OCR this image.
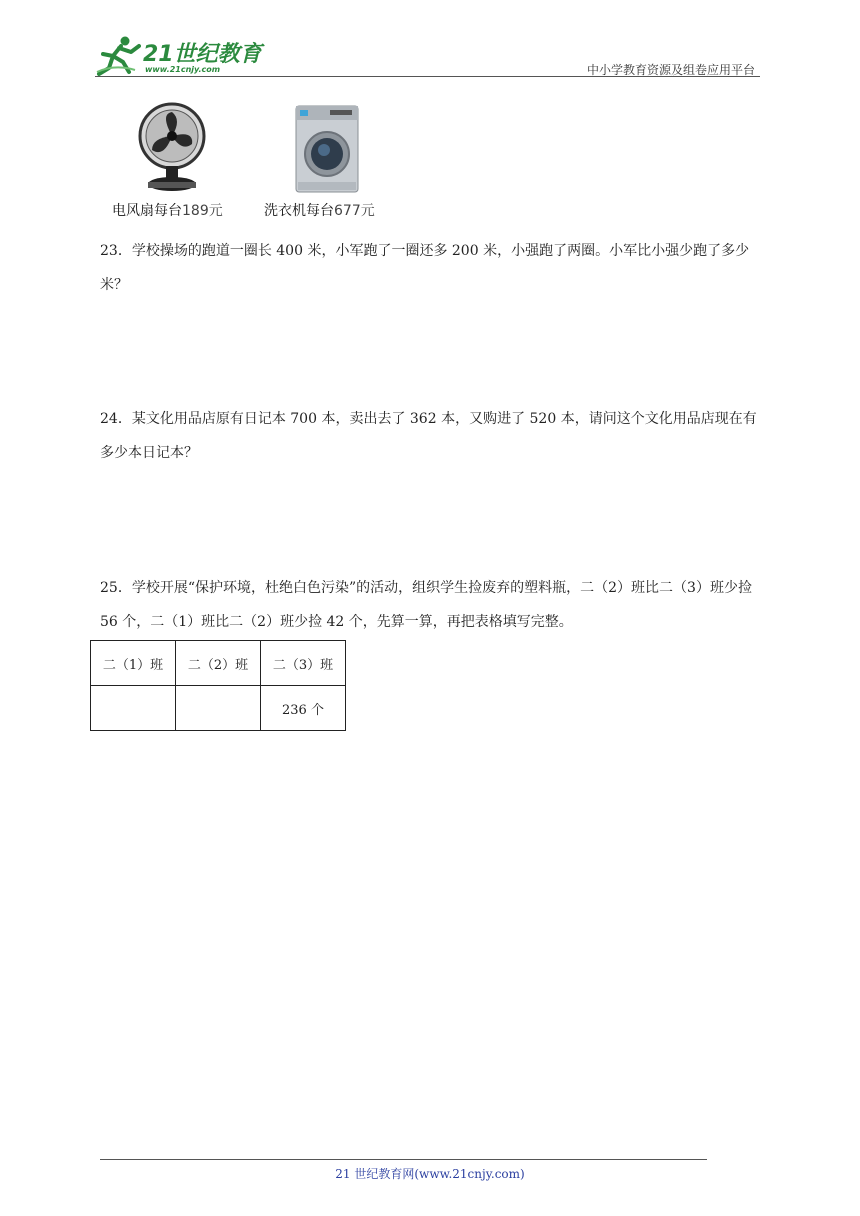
21世纪教育
www.21cnjy.com	中小学教育资源及组卷应用平台
电风扇每台189元	洗衣机每台677元
23．学校操场的跑道一圈长 400 米，小军跑了一圈还多 200 米，小强跑了两圈。小军比小强少跑了多少米？
24．某文化用品店原有日记本 700 本，卖出去了 362 本，又购进了 520 本，请问这个文化用品店现在有多少本日记本？
25．学校开展“保护环境，杜绝白色污染”的活动，组织学生捡废弃的塑料瓶，二（2）班比二（3）班少捡 56 个，二（1）班比二（2）班少捡 42 个，先算一算，再把表格填写完整。
二（1）班	二（2）班	二（3）班
		236 个
21 世纪教育网(www.21cnjy.com)
